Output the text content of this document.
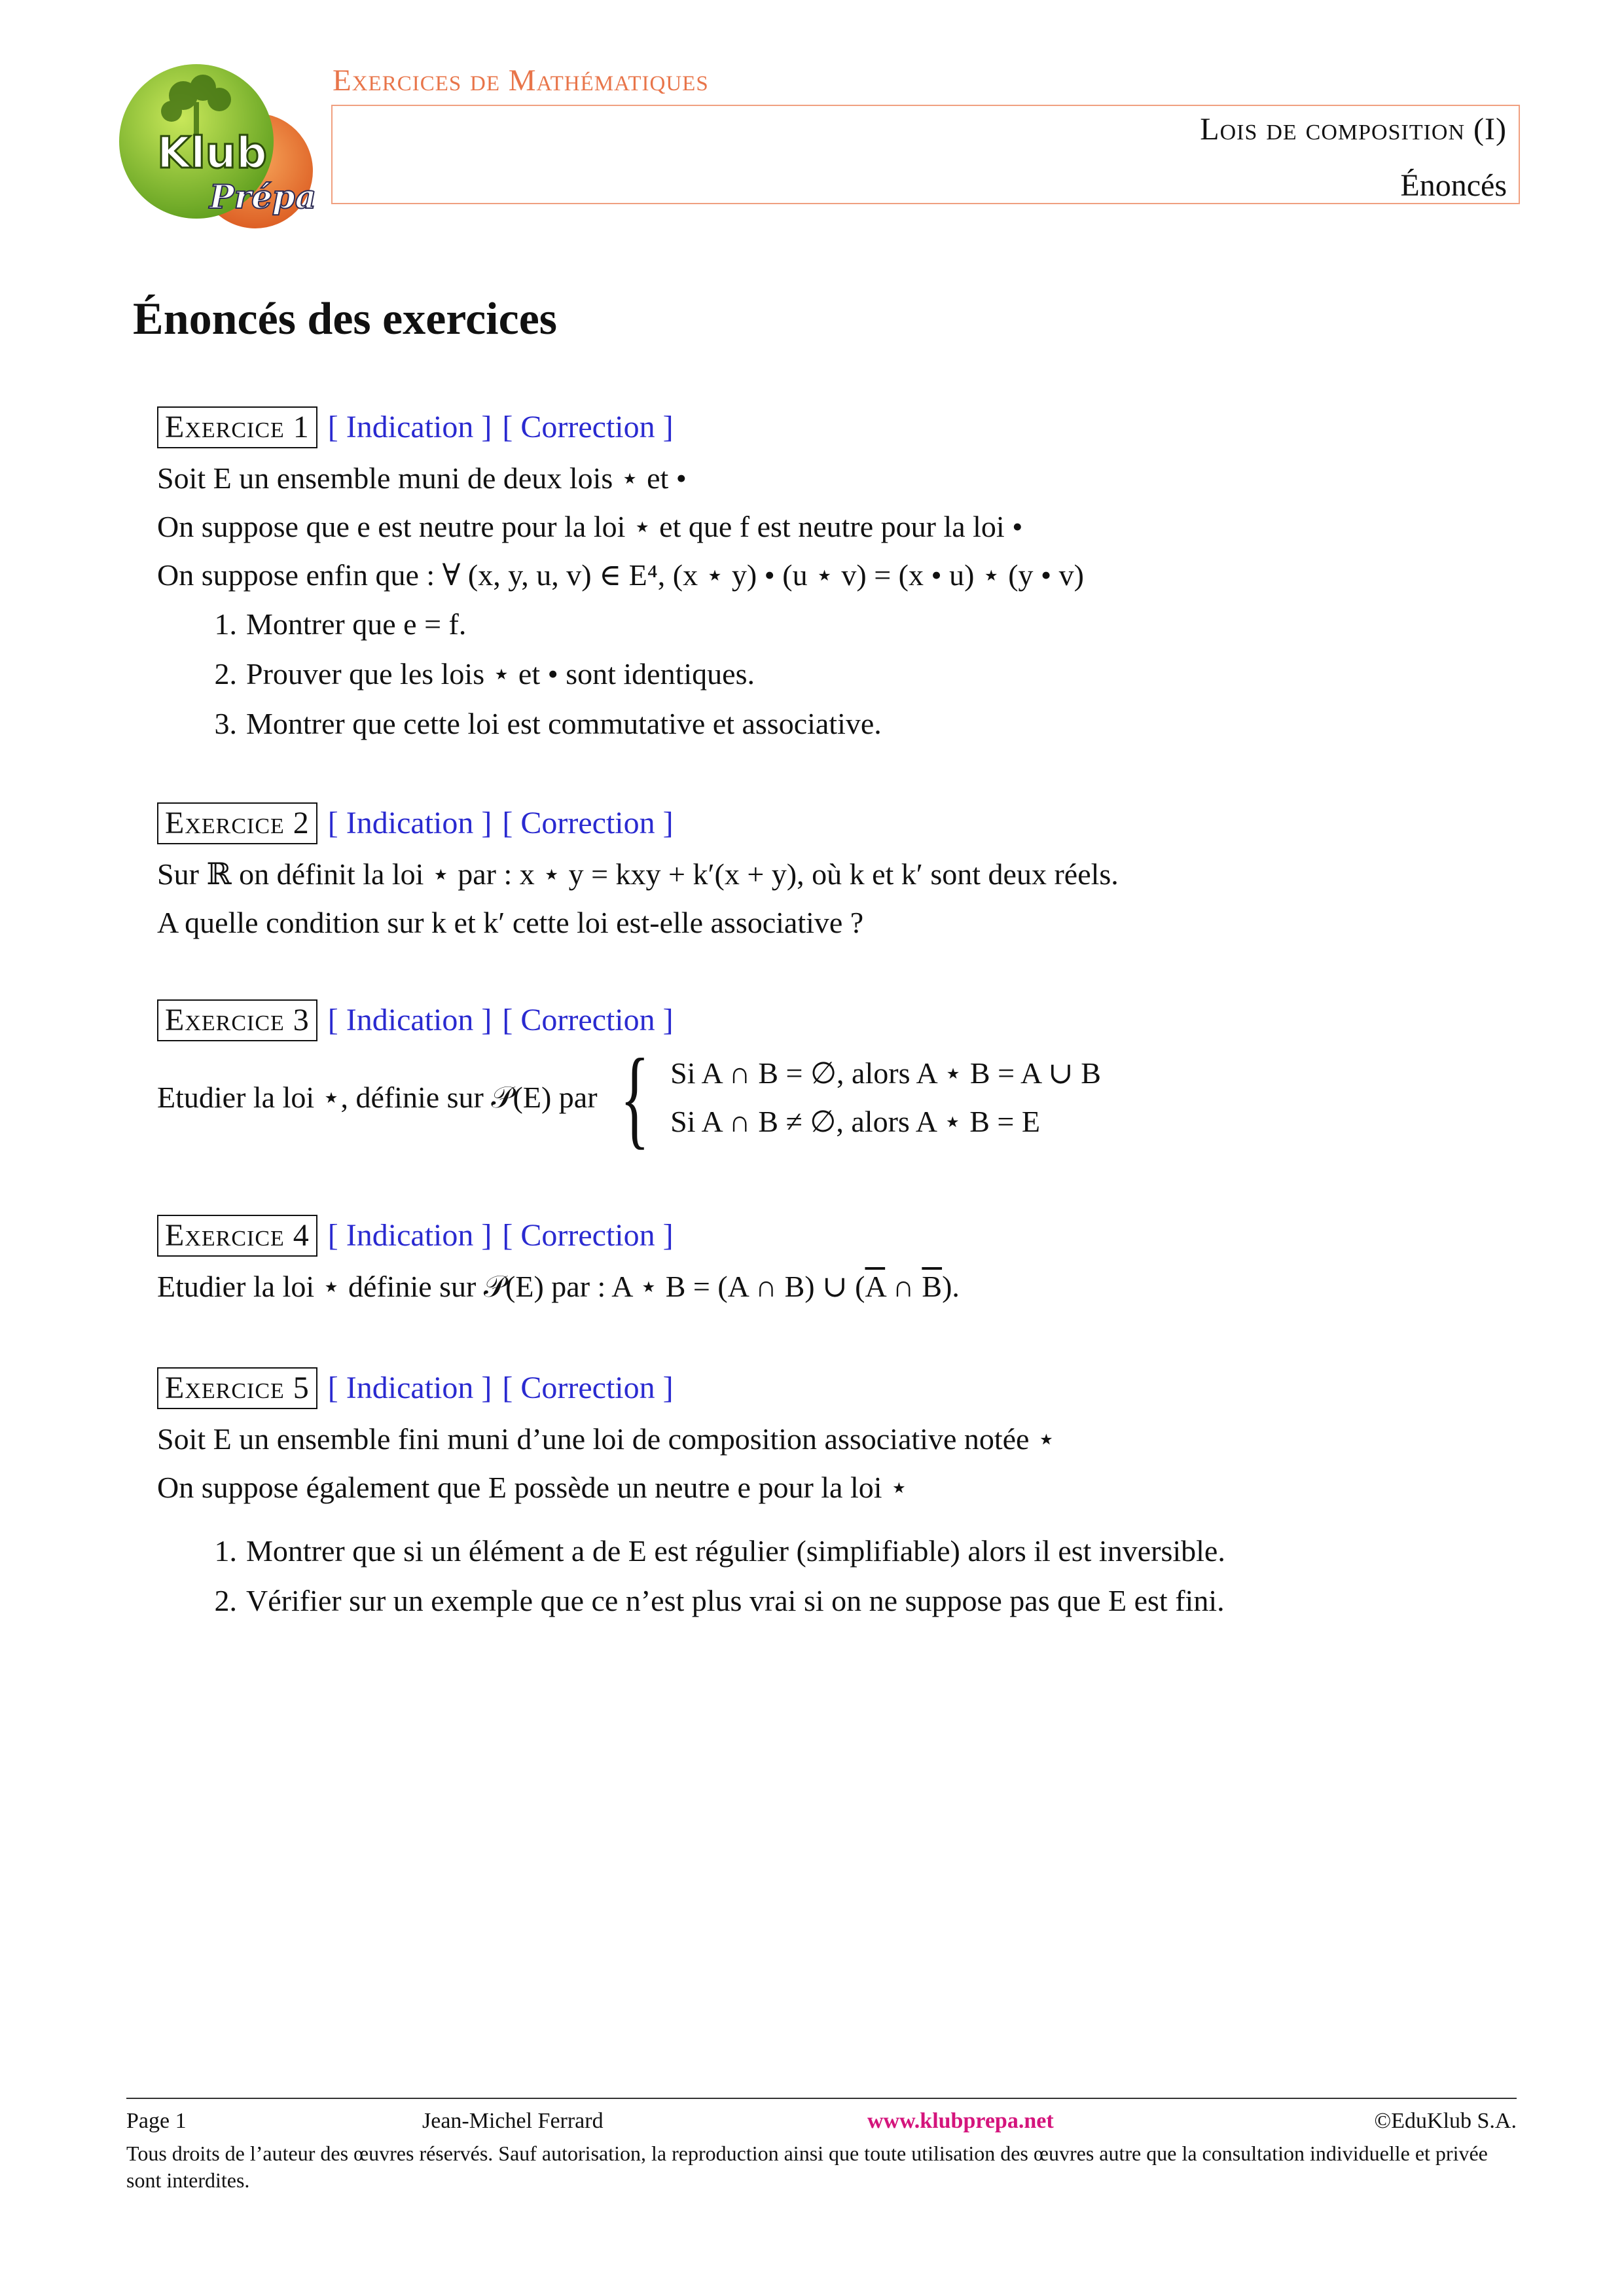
Klub
Prépa
Exercices de Mathématiques
Lois de composition (I)
Énoncés
Énoncés des exercices
Exercice 1 [ Indication ] [ Correction ]
Soit E un ensemble muni de deux lois ⋆ et •
On suppose que e est neutre pour la loi ⋆ et que f est neutre pour la loi •
On suppose enfin que : ∀ (x, y, u, v) ∈ E⁴, (x ⋆ y) • (u ⋆ v) = (x • u) ⋆ (y • v)
1. Montrer que e = f.
2. Prouver que les lois ⋆ et • sont identiques.
3. Montrer que cette loi est commutative et associative.
Exercice 2 [ Indication ] [ Correction ]
Sur ℝ on définit la loi ⋆ par : x ⋆ y = kxy + k′(x + y), où k et k′ sont deux réels.
A quelle condition sur k et k′ cette loi est-elle associative ?
Exercice 3 [ Indication ] [ Correction ]
Etudier la loi ⋆, définie sur 𝒫(E) par { Si A ∩ B = ∅, alors A ⋆ B = A ∪ B
Si A ∩ B ≠ ∅, alors A ⋆ B = E
Exercice 4 [ Indication ] [ Correction ]
Etudier la loi ⋆ définie sur 𝒫(E) par : A ⋆ B = (A ∩ B) ∪ ($\overline{A}$ ∩ $\overline{B}$).
Exercice 5 [ Indication ] [ Correction ]
Soit E un ensemble fini muni d’une loi de composition associative notée ⋆
On suppose également que E possède un neutre e pour la loi ⋆
1. Montrer que si un élément a de E est régulier (simplifiable) alors il est inversible.
2. Vérifier sur un exemple que ce n’est plus vrai si on ne suppose pas que E est fini.
Page 1	Jean-Michel Ferrard	www.klubprepa.net	©EduKlub S.A.
Tous droits de l’auteur des œuvres réservés. Sauf autorisation, la reproduction ainsi que toute utilisation des œuvres autre que la consultation individuelle et privée sont interdites.
